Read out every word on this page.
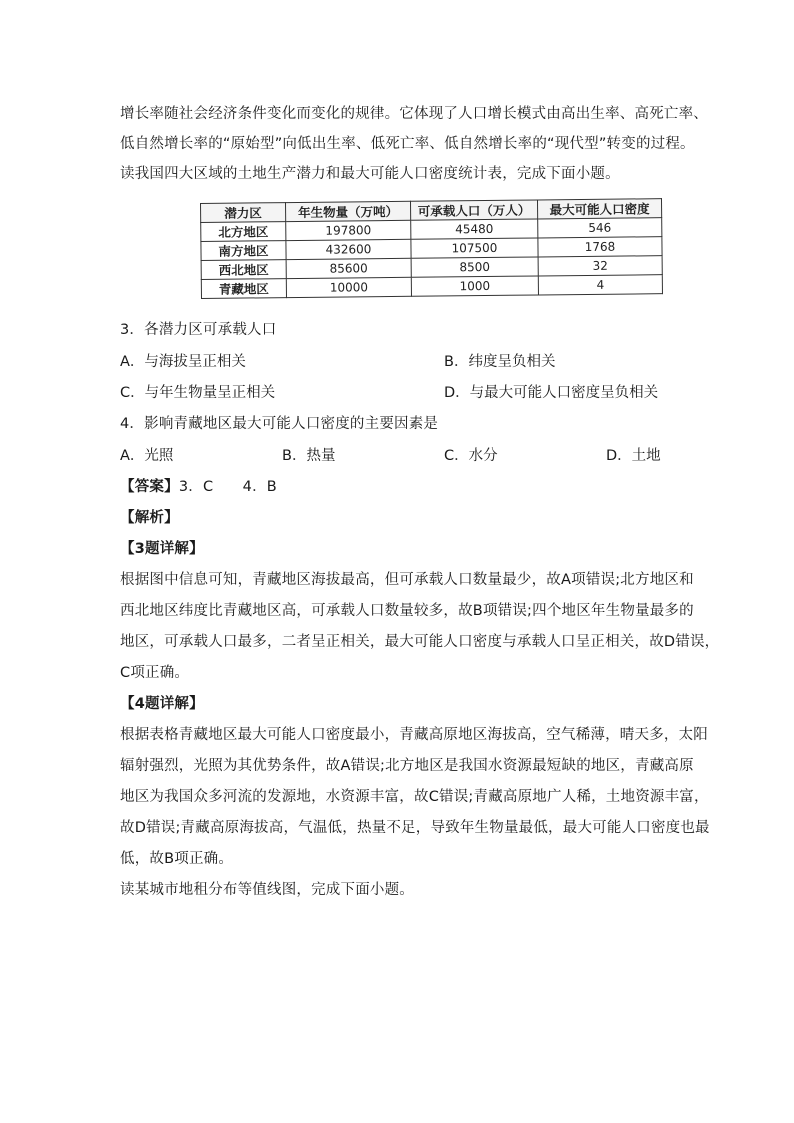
增长率随社会经济条件变化而变化的规律。它体现了人口增长模式由高出生率、高死亡率、
低自然增长率的“原始型”向低出生率、低死亡率、低自然增长率的“现代型”转变的过程。
读我国四大区域的土地生产潜力和最大可能人口密度统计表，完成下面小题。
潜力区	年生物量（万吨）	可承载人口（万人）	最大可能人口密度
北方地区	197800	45480	546
南方地区	432600	107500	1768
西北地区	85600	8500	32
青藏地区	10000	1000	4
3．各潜力区可承载人口
A．与海拔呈正相关	B．纬度呈负相关
C．与年生物量呈正相关	D．与最大可能人口密度呈负相关
4．影响青藏地区最大可能人口密度的主要因素是
A．光照	B．热量	C．水分	D．土地
【答案】3．C　　4．B
【解析】
【3题详解】
根据图中信息可知，青藏地区海拔最高，但可承载人口数量最少，故A项错误;北方地区和
西北地区纬度比青藏地区高，可承载人口数量较多，故B项错误;四个地区年生物量最多的
地区，可承载人口最多，二者呈正相关，最大可能人口密度与承载人口呈正相关，故D错误，
C项正确。
【4题详解】
根据表格青藏地区最大可能人口密度最小，青藏高原地区海拔高，空气稀薄，晴天多，太阳
辐射强烈，光照为其优势条件，故A错误;北方地区是我国水资源最短缺的地区，青藏高原
地区为我国众多河流的发源地，水资源丰富，故C错误;青藏高原地广人稀，土地资源丰富，
故D错误;青藏高原海拔高，气温低，热量不足，导致年生物量最低，最大可能人口密度也最
低，故B项正确。
读某城市地租分布等值线图，完成下面小题。
